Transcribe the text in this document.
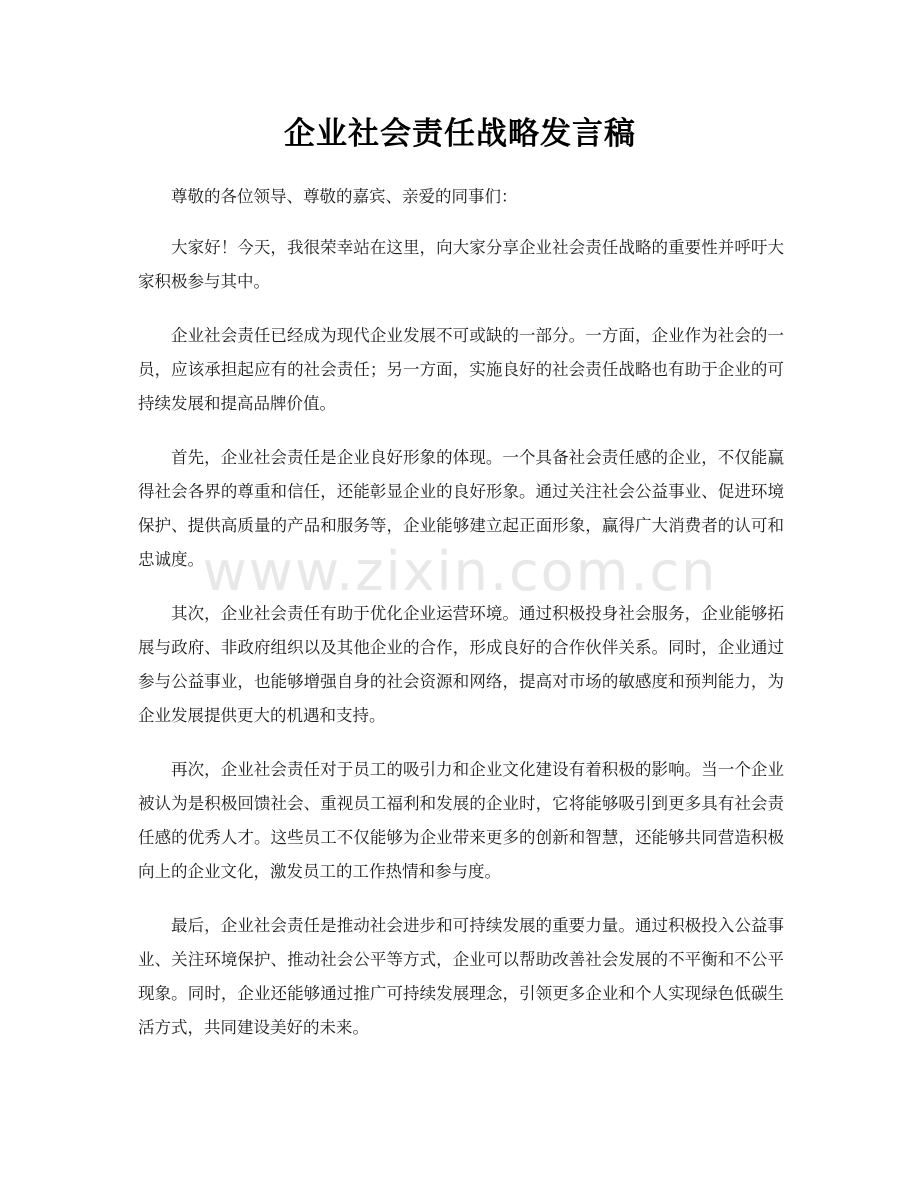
企业社会责任战略发言稿

尊敬的各位领导、尊敬的嘉宾、亲爱的同事们：

大家好！今天，我很荣幸站在这里，向大家分享企业社会责任战略的重要性并呼吁大家积极参与其中。

企业社会责任已经成为现代企业发展不可或缺的一部分。一方面，企业作为社会的一员，应该承担起应有的社会责任；另一方面，实施良好的社会责任战略也有助于企业的可持续发展和提高品牌价值。

首先，企业社会责任是企业良好形象的体现。一个具备社会责任感的企业，不仅能赢得社会各界的尊重和信任，还能彰显企业的良好形象。通过关注社会公益事业、促进环境保护、提供高质量的产品和服务等，企业能够建立起正面形象，赢得广大消费者的认可和忠诚度。

其次，企业社会责任有助于优化企业运营环境。通过积极投身社会服务，企业能够拓展与政府、非政府组织以及其他企业的合作，形成良好的合作伙伴关系。同时，企业通过参与公益事业，也能够增强自身的社会资源和网络，提高对市场的敏感度和预判能力，为企业发展提供更大的机遇和支持。

再次，企业社会责任对于员工的吸引力和企业文化建设有着积极的影响。当一个企业被认为是积极回馈社会、重视员工福利和发展的企业时，它将能够吸引到更多具有社会责任感的优秀人才。这些员工不仅能够为企业带来更多的创新和智慧，还能够共同营造积极向上的企业文化，激发员工的工作热情和参与度。

最后，企业社会责任是推动社会进步和可持续发展的重要力量。通过积极投入公益事业、关注环境保护、推动社会公平等方式，企业可以帮助改善社会发展的不平衡和不公平现象。同时，企业还能够通过推广可持续发展理念，引领更多企业和个人实现绿色低碳生活方式，共同建设美好的未来。

www.zixin.com.cn
